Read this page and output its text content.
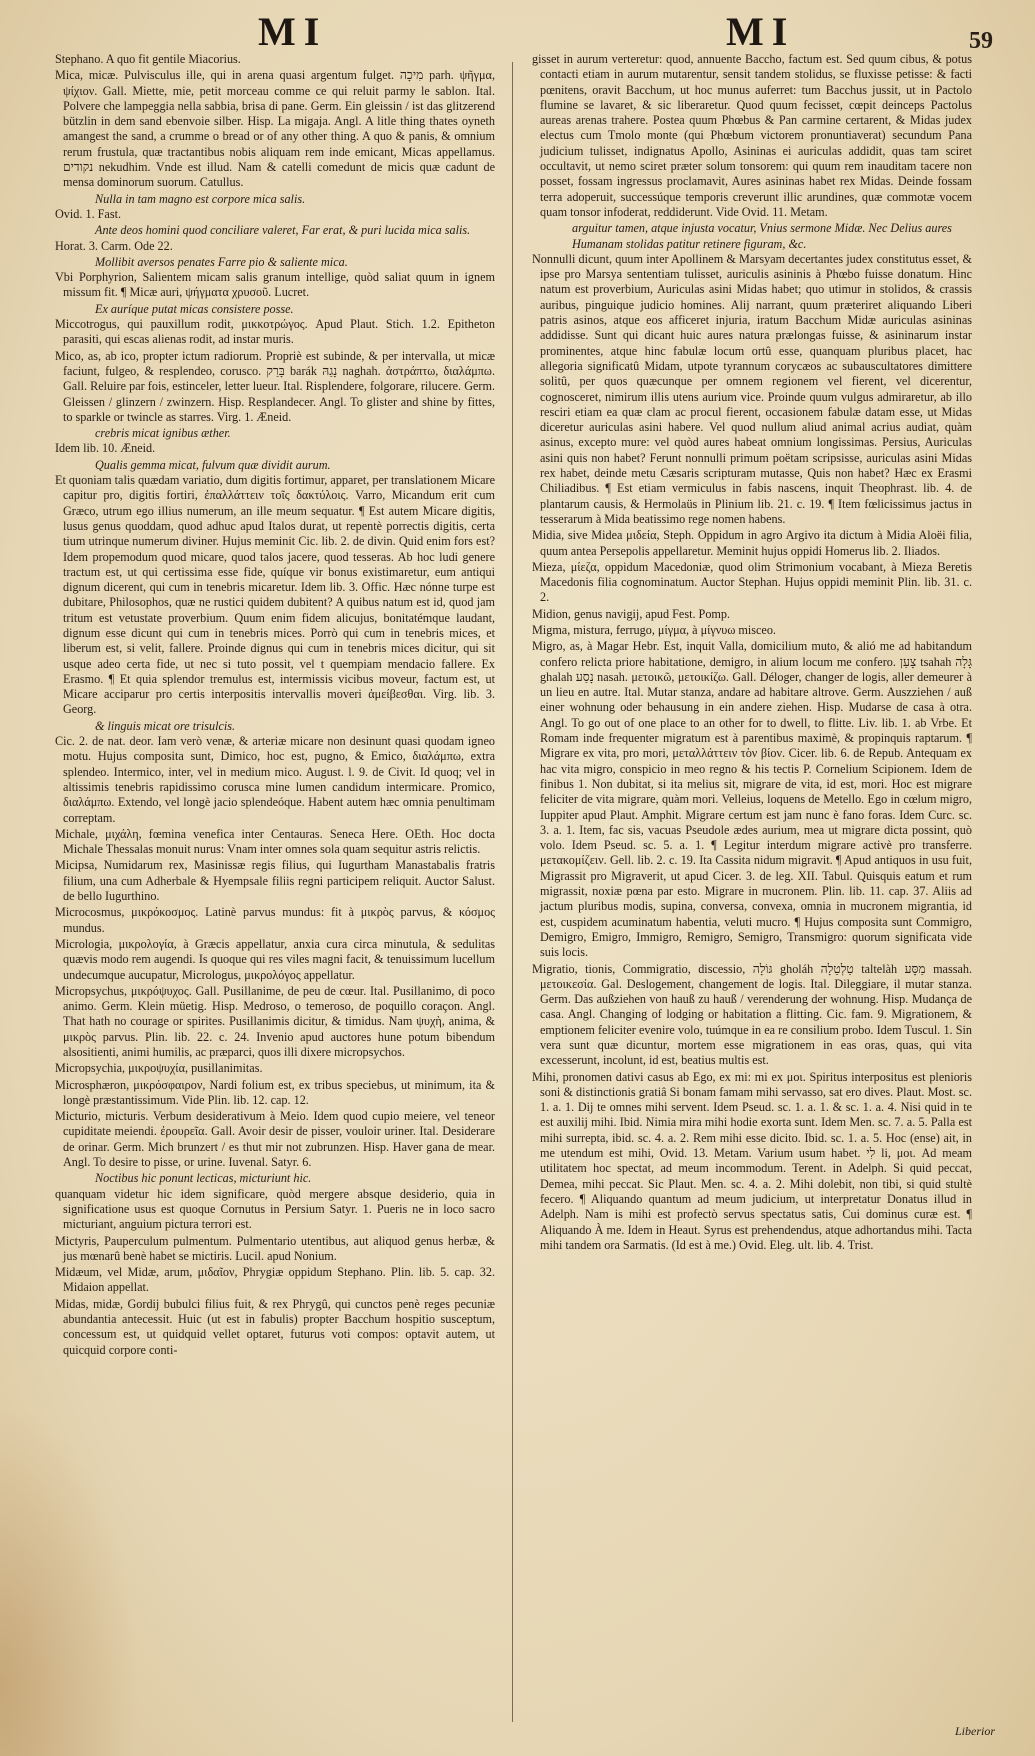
MI	MI	59

Stephano. A quo fit gentile Miacorius.

Mica, micæ. Pulvisculus ille, qui in arena quasi argentum fulget. מִיכָה parh. ψῆγμα, ψίχιον. Gall. Miette, mie, petit morceau comme ce qui reluit parmy le sablon. Ital. Polvere che lampeggia nella sabbia, brisa di pane. Germ. Ein gleissin / ist das glitzerend bützlin in dem sand ebenvoie silber. Hisp. La migaja. Angl. A litle thing thates oyneth amangest the sand, a crumme o bread or of any other thing. A quo & panis, & omnium rerum frustula, quæ tractantibus nobis aliquam rem inde emicant, Micas appellamus. נקודים nekudhim. Vnde est illud. Nam & catelli comedunt de micis quæ cadunt de mensa dominorum suorum. Catullus.

Nulla in tam magno est corpore mica salis.

Ovid. 1. Fast.

Ante deos homini quod conciliare valeret, Far erat, & puri lucida mica salis.

Horat. 3. Carm. Ode 22.

Mollibit aversos penates Farre pio & saliente mica.

Vbi Porphyrion, Salientem micam salis granum intellige, quòd saliat quum in ignem missum fit. ¶ Micæ auri, ψήγματα χρυσοῦ. Lucret.

Ex auríque putat micas consistere posse.

Miccotrogus, qui pauxillum rodit, μικκοτρώγος. Apud Plaut. Stich. 1.2. Epitheton parasiti, qui escas alienas rodit, ad instar muris.

Mico, as, ab ico, propter ictum radiorum. Propriè est subinde, & per intervalla, ut micæ faciunt, fulgeo, & resplendeo, corusco. בָּרַק barák נָגַהּ naghah. ἀστράπτω, διαλάμπω. Gall. Reluire par fois, estinceler, letter lueur. Ital. Risplendere, folgorare, rilucere. Germ. Gleissen / glinzern / zwinzern. Hisp. Resplandecer. Angl. To glister and shine by fittes, to sparkle or twincle as starres. Virg. 1. Æneid.

crebris micat ignibus æther.

Idem lib. 10. Æneid.

Qualis gemma micat, fulvum quæ dividit aurum.

Et quoniam talis quædam variatio, dum digitis fortimur, apparet, per translationem Micare capitur pro, digitis fortiri, ἐπαλλάττειν τοῖς δακτύλοις. Varro, Micandum erit cum Græco, utrum ego illius numerum, an ille meum sequatur. ¶ Est autem Micare digitis, lusus genus quoddam, quod adhuc apud Italos durat, ut repentè porrectis digitis, certa tium utrinque numerum diviner. Hujus meminit Cic. lib. 2. de divin. Quid enim fors est? Idem propemodum quod micare, quod talos jacere, quod tesseras. Ab hoc ludi genere tractum est, ut qui certissima esse fide, quíque vir bonus existimaretur, eum antiqui dignum dicerent, qui cum in tenebris micaretur. Idem lib. 3. Offic. Hæc nónne turpe est dubitare, Philosophos, quæ ne rustici quidem dubitent? A quibus natum est id, quod jam tritum est vetustate proverbium. Quum enim fidem alicujus, bonitatémque laudant, dignum esse dicunt qui cum in tenebris mices. Porrò qui cum in tenebris mices, et liberum est, si velit, fallere. Proinde dignus qui cum in tenebris mices dicitur, qui sit usque adeo certa fide, ut nec si tuto possit, vel t quempiam mendacio fallere. Ex Erasmo. ¶ Et quia splendor tremulus est, intermissis vicibus moveur, factum est, ut Micare acciparur pro certis interpositis intervallis moveri ἀμείβεσθαι. Virg. lib. 3. Georg.

& linguis micat ore trisulcis.

Cic. 2. de nat. deor. Iam verò venæ, & arteriæ micare non desinunt quasi quodam igneo motu. Hujus composita sunt, Dimico, hoc est, pugno, & Emico, διαλάμπω, extra splendeo. Intermico, inter, vel in medium mico. August. l. 9. de Civit. Id quoq; vel in altissimis tenebris rapidissimo corusca mine lumen candidum intermicare. Promico, διαλάμπω. Extendo, vel longè jacio splendeóque. Habent autem hæc omnia penultimam correptam.

Michale, μιχάλη, fœmina venefica inter Centauras. Seneca Here. OEth. Hoc docta Michale Thessalas monuit nurus: Vnam inter omnes sola quam sequitur astris relictis.

Micipsa, Numidarum rex, Masinissæ regis filius, qui Iugurtham Manastabalis fratris filium, una cum Adherbale & Hyempsale filiis regni participem reliquit. Auctor Salust. de bello Iugurthino.

Microcosmus, μικρόκοσμος. Latinè parvus mundus: fit à μικρὸς parvus, & κόσμος mundus.

Micrologia, μικρολογία, à Græcis appellatur, anxia cura circa minutula, & sedulitas quævis modo rem augendi. Is quoque qui res viles magni facit, & tenuissimum lucellum undecumque aucupatur, Micrologus, μικρολόγος appellatur.

Micropsychus, μικρόψυχος. Gall. Pusillanime, de peu de cœur. Ital. Pusillanimo, di poco animo. Germ. Klein müetig. Hisp. Medroso, o temeroso, de poquillo coraçon. Angl. That hath no courage or spirites. Pusillanimis dicitur, & timidus. Nam ψυχὴ, anima, & μικρὸς parvus. Plin. lib. 22. c. 24. Invenio apud auctores hune potum bibendum alsositienti, animi humilis, ac præparci, quos illi dixere micropsychos.

Micropsychia, μικροψυχία, pusillanimitas.

Microsphæron, μικρόσφαιρον, Nardi folium est, ex tribus speciebus, ut minimum, ita & longè præstantissimum. Vide Plin. lib. 12. cap. 12.

Micturio, micturis. Verbum desiderativum à Meio. Idem quod cupio meiere, vel teneor cupiditate meiendi. ἐρουρεῖα. Gall. Avoir desir de pisser, vouloir uriner. Ital. Desiderare de orinar. Germ. Mich brunzert / es thut mir not zubrunzen. Hisp. Haver gana de mear. Angl. To desire to pisse, or urine. Iuvenal. Satyr. 6.

Noctibus hic ponunt lecticas, micturiunt hic.

quanquam videtur hic idem significare, quòd mergere absque desiderio, quia in significatione usus est quoque Cornutus in Persium Satyr. 1. Pueris ne in loco sacro micturiant, anguium pictura terrori est.

Mictyris, Pauperculum pulmentum. Pulmentario utentibus, aut aliquod genus herbæ, & jus mœnarû benè habet se mictiris. Lucil. apud Nonium.

Midæum, vel Midæ, arum, μιδαῖον, Phrygiæ oppidum Stephano. Plin. lib. 5. cap. 32. Midaion appellat.

Midas, midæ, Gordij bubulci filius fuit, & rex Phrygû, qui cunctos penè reges pecuniæ abundantia antecessit. Huic (ut est in fabulis) propter Bacchum hospitio susceptum, concessum est, ut quidquid vellet optaret, futurus voti compos: optavit autem, ut quicquid corpore conti-

gisset in aurum verteretur: quod, annuente Baccho, factum est. Sed quum cibus, & potus contacti etiam in aurum mutarentur, sensit tandem stolidus, se fluxisse petisse: & facti pœnitens, oravit Bacchum, ut hoc munus auferret: tum Bacchus jussit, ut in Pactolo flumine se lavaret, & sic liberaretur. Quod quum fecisset, cœpit deinceps Pactolus aureas arenas trahere. Postea quum Phœbus & Pan carmine certarent, & Midas judex electus cum Tmolo monte (qui Phœbum victorem pronuntiaverat) secundum Pana judicium tulisset, indignatus Apollo, Asininas ei auriculas addidit, quas tam sciret occultavit, ut nemo sciret præter solum tonsorem: qui quum rem inauditam tacere non posset, fossam ingressus proclamavit, Aures asininas habet rex Midas. Deinde fossam terra adoperuit, successúque temporis creverunt illic arundines, quæ commotæ vocem quam tonsor infoderat, reddiderunt. Vide Ovid. 11. Metam.

arguitur tamen, atque injusta vocatur, Vnius sermone Midæ. Nec Delius aures Humanam stolidas patitur retinere figuram, &c.

Nonnulli dicunt, quum inter Apollinem & Marsyam decertantes judex constitutus esset, & ipse pro Marsya sententiam tulisset, auriculis asininis à Phœbo fuisse donatum. Hinc natum est proverbium, Auriculas asini Midas habet; quo utimur in stolidos, & crassis auribus, pinguique judicio homines. Alij narrant, quum præteriret aliquando Liberi patris asinos, atque eos afficeret injuria, iratum Bacchum Midæ auriculas asininas addidisse. Sunt qui dicant huic aures natura prælongas fuisse, & asininarum instar prominentes, atque hinc fabulæ locum ortû esse, quanquam pluribus placet, hac allegoria significatû Midam, utpote tyrannum corycæos ac subauscultatores dimittere solitû, per quos quæcunque per omnem regionem vel fierent, vel dicerentur, cognosceret, nimirum illis utens aurium vice. Proinde quum vulgus admiraretur, ab illo resciri etiam ea quæ clam ac procul fierent, occasionem fabulæ datam esse, ut Midas diceretur auriculas asini habere. Vel quod nullum aliud animal acrius audiat, quàm asinus, excepto mure: vel quòd aures habeat omnium longissimas. Persius, Auriculas asini quis non habet? Ferunt nonnulli primum poëtam scripsisse, auriculas asini Midas rex habet, deinde metu Cæsaris scripturam mutasse, Quis non habet? Hæc ex Erasmi Chiliadibus. ¶ Est etiam vermiculus in fabis nascens, inquit Theophrast. lib. 4. de plantarum causis, & Hermolaüs in Plinium lib. 21. c. 19. ¶ Item fœlicissimus jactus in tesserarum à Mida beatissimo rege nomen habens.

Midia, sive Midea μιδεία, Steph. Oppidum in agro Argivo ita dictum à Midia Aloëi filia, quum antea Persepolis appellaretur. Meminit hujus oppidi Homerus lib. 2. Iliados.

Mieza, μίεζα, oppidum Macedoniæ, quod olim Strimonium vocabant, à Mieza Beretis Macedonis filia cognominatum. Auctor Stephan. Hujus oppidi meminit Plin. lib. 31. c. 2.

Midion, genus navigij, apud Fest. Pomp.

Migma, mistura, ferrugo, μίγμα, à μίγνυω misceo.

Migro, as, à Magar Hebr. Est, inquit Valla, domicilium muto, & alió me ad habitandum confero relicta priore habitatione, demigro, in alium locum me confero. צָעַן tsahah גָּלָה ghalah נָסַע nasah. μετοικῶ, μετοικίζω. Gall. Déloger, changer de logis, aller demeurer à un lieu en autre. Ital. Mutar stanza, andare ad habitare altrove. Germ. Auszziehen / auß einer wohnung oder behausung in ein andere ziehen. Hisp. Mudarse de casa à otra. Angl. To go out of one place to an other for to dwell, to flitte. Liv. lib. 1. ab Vrbe. Et Romam inde frequenter migratum est à parentibus maximè, & propinquis raptarum. ¶ Migrare ex vita, pro mori, μεταλλάττειν τὸν βίον. Cicer. lib. 6. de Repub. Antequam ex hac vita migro, conspicio in meo regno & his tectis P. Cornelium Scipionem. Idem de finibus 1. Non dubitat, si ita melius sit, migrare de vita, id est, mori. Hoc est migrare feliciter de vita migrare, quàm mori. Velleius, loquens de Metello. Ego in cœlum migro, Iuppiter apud Plaut. Amphit. Migrare certum est jam nunc è fano foras. Idem Curc. sc. 3. a. 1. Item, fac sis, vacuas Pseudole ædes aurium, mea ut migrare dicta possint, quò volo. Idem Pseud. sc. 5. a. 1. ¶ Legitur interdum migrare activè pro transferre. μετακομίζειν. Gell. lib. 2. c. 19. Ita Cassita nidum migravit. ¶ Apud antiquos in usu fuit, Migrassit pro Migraverit, ut apud Cicer. 3. de leg. XII. Tabul. Quisquis eatum et rum migrassit, noxiæ pœna par esto. Migrare in mucronem. Plin. lib. 11. cap. 37. Aliis ad jactum pluribus modis, supina, conversa, convexa, omnia in mucronem migrantia, id est, cuspidem acuminatum habentia, veluti mucro. ¶ Hujus composita sunt Commigro, Demigro, Emigro, Immigro, Remigro, Semigro, Transmigro: quorum significata vide suis locis.

Migratio, tionis, Commigratio, discessio, גּוֹלָה gholáh טַלְטֵלָה taltelàh מַסָּע massah. μετοικεσία. Gal. Deslogement, changement de logis. Ital. Dileggiare, il mutar stanza. Germ. Das außziehen von hauß zu hauß / verenderung der wohnung. Hisp. Mudança de casa. Angl. Changing of lodging or habitation a flitting. Cic. fam. 9. Migrationem, & emptionem feliciter evenire volo, tuúmque in ea re consilium probo. Idem Tuscul. 1. Sin vera sunt quæ dicuntur, mortem esse migrationem in eas oras, quas, qui vita excesserunt, incolunt, id est, beatius multis est.

Mihi, pronomen dativi casus ab Ego, ex mi: mi ex μοι. Spiritus interpositus est plenioris soni & distinctionis gratiâ Si bonam famam mihi servasso, sat ero dives. Plaut. Most. sc. 1. a. 1. Dij te omnes mihi servent. Idem Pseud. sc. 1. a. 1. & sc. 1. a. 4. Nisi quid in te est auxilij mihi. Ibid. Nimia mira mihi hodie exorta sunt. Idem Men. sc. 7. a. 5. Palla est mihi surrepta, ibid. sc. 4. a. 2. Rem mihi esse dicito. Ibid. sc. 1. a. 5. Hoc (ense) ait, in me utendum est mihi, Ovid. 13. Metam. Varium usum habet. לִי li, μοι. Ad meam utilitatem hoc spectat, ad meum incommodum. Terent. in Adelph. Si quid peccat, Demea, mihi peccat. Sic Plaut. Men. sc. 4. a. 2. Mihi dolebit, non tibi, si quid stultè fecero. ¶ Aliquando quantum ad meum judicium, ut interpretatur Donatus illud in Adelph. Nam is mihi est profectò servus spectatus satis, Cui dominus curæ est. ¶ Aliquando À me. Idem in Heaut. Syrus est prehendendus, atque adhortandus mihi. Tacta mihi tandem ora Sarmatis. (Id est à me.) Ovid. Eleg. ult. lib. 4. Trist.

Liberior
